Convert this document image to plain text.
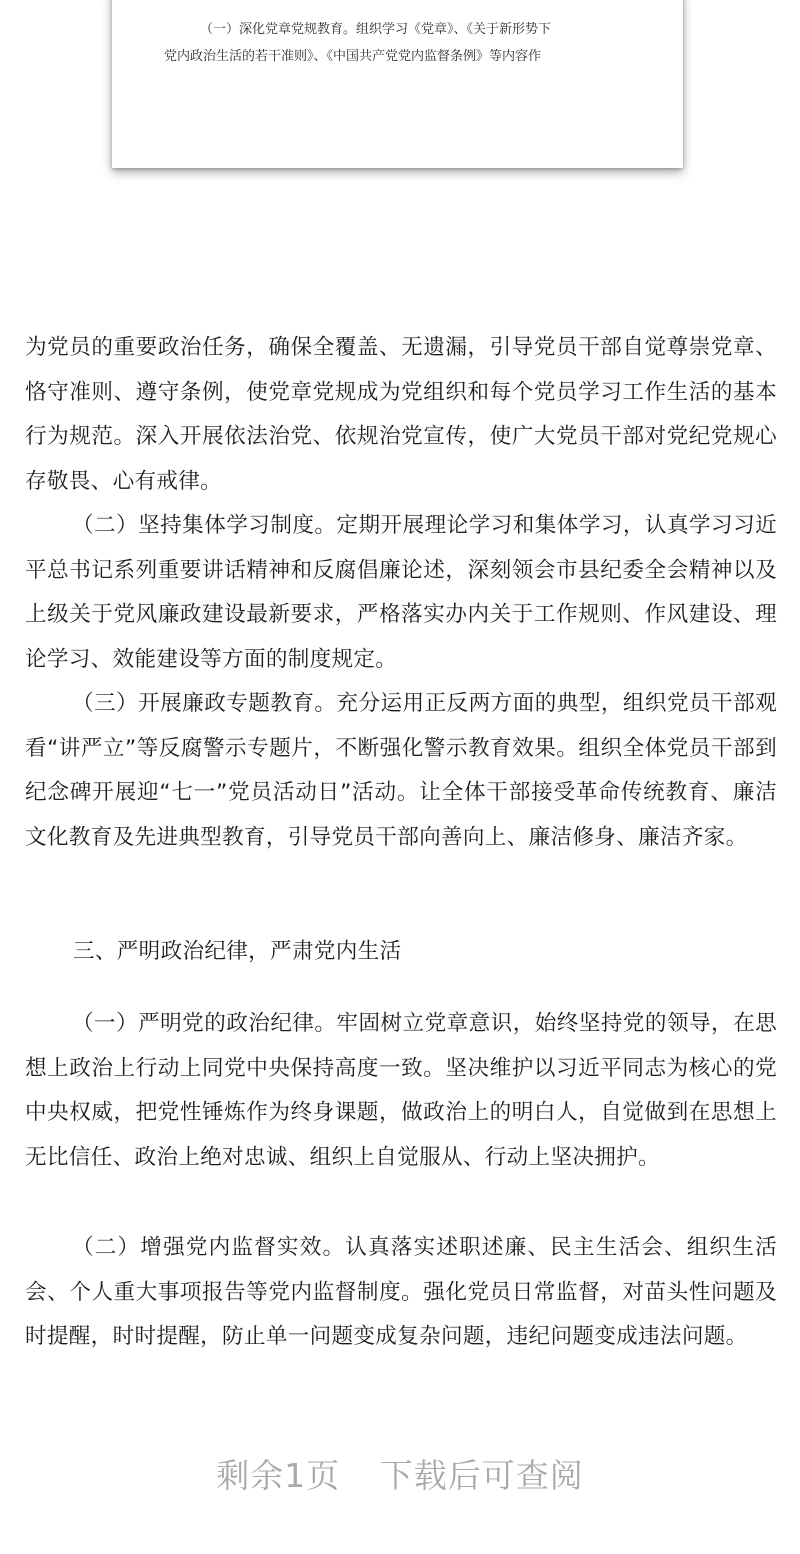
（一）深化党章党规教育。组织学习《党章》、《关于新形势下
党内政治生活的若干准则》、《中国共产党党内监督条例》等内容作

为党员的重要政治任务，确保全覆盖、无遗漏，引导党员干部自觉尊崇党章、恪守准则、遵守条例，使党章党规成为党组织和每个党员学习工作生活的基本行为规范。深入开展依法治党、依规治党宣传，使广大党员干部对党纪党规心存敬畏、心有戒律。

（二）坚持集体学习制度。定期开展理论学习和集体学习，认真学习习近平总书记系列重要讲话精神和反腐倡廉论述，深刻领会市县纪委全会精神以及上级关于党风廉政建设最新要求，严格落实办内关于工作规则、作风建设、理论学习、效能建设等方面的制度规定。

（三）开展廉政专题教育。充分运用正反两方面的典型，组织党员干部观看“讲严立”等反腐警示专题片，不断强化警示教育效果。组织全体党员干部到纪念碑开展迎“七一”党员活动日”活动。让全体干部接受革命传统教育、廉洁文化教育及先进典型教育，引导党员干部向善向上、廉洁修身、廉洁齐家。

三、严明政治纪律，严肃党内生活

（一）严明党的政治纪律。牢固树立党章意识，始终坚持党的领导，在思想上政治上行动上同党中央保持高度一致。坚决维护以习近平同志为核心的党中央权威，把党性锤炼作为终身课题，做政治上的明白人，自觉做到在思想上无比信任、政治上绝对忠诚、组织上自觉服从、行动上坚决拥护。

（二）增强党内监督实效。认真落实述职述廉、民主生活会、组织生活会、个人重大事项报告等党内监督制度。强化党员日常监督，对苗头性问题及时提醒，时时提醒，防止单一问题变成复杂问题，违纪问题变成违法问题。

剩余1页 下载后可查阅
